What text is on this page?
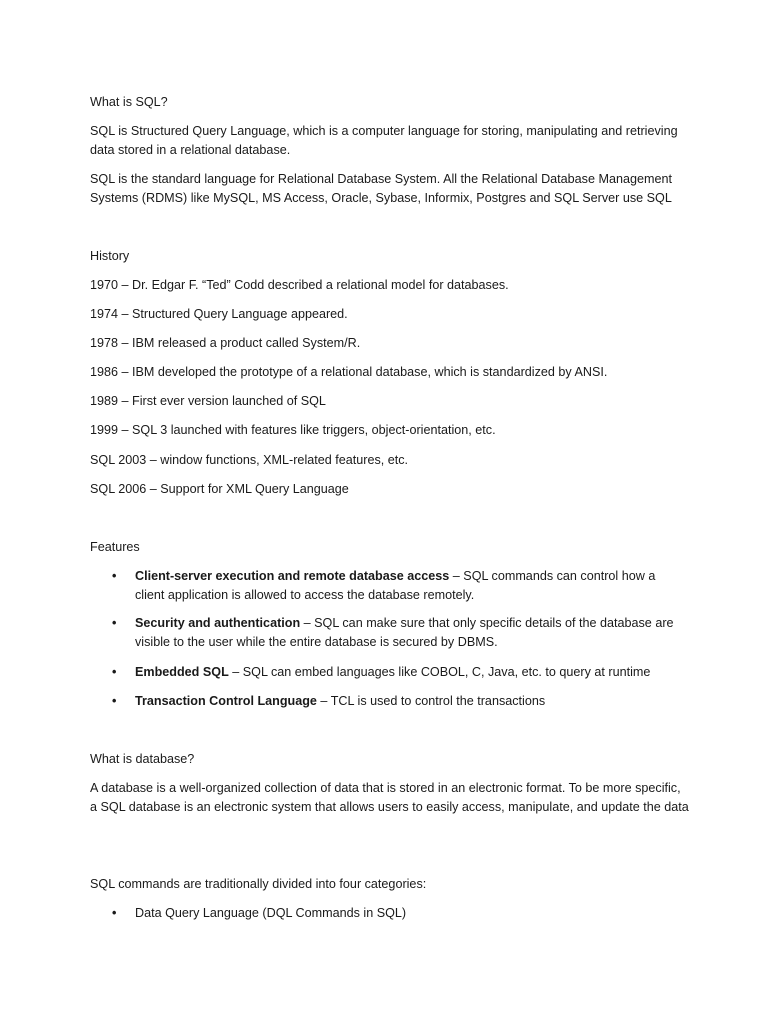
What is SQL?

SQL is Structured Query Language, which is a computer language for storing, manipulating and retrieving data stored in a relational database.

SQL is the standard language for Relational Database System. All the Relational Database Management Systems (RDMS) like MySQL, MS Access, Oracle, Sybase, Informix, Postgres and SQL Server use SQL

History

1970 – Dr. Edgar F. “Ted” Codd described a relational model for databases.

1974 – Structured Query Language appeared.

1978 – IBM released a product called System/R.

1986 – IBM developed the prototype of a relational database, which is standardized by ANSI.

1989 – First ever version launched of SQL

1999 – SQL 3 launched with features like triggers, object-orientation, etc.

SQL 2003 – window functions, XML-related features, etc.

SQL 2006 – Support for XML Query Language

Features

•	Client-server execution and remote database access – SQL commands can control how a client application is allowed to access the database remotely.
•	Security and authentication – SQL can make sure that only specific details of the database are visible to the user while the entire database is secured by DBMS.
•	Embedded SQL – SQL can embed languages like COBOL, C, Java, etc. to query at runtime
•	Transaction Control Language – TCL is used to control the transactions

What is database?

A database is a well-organized collection of data that is stored in an electronic format. To be more specific, a SQL database is an electronic system that allows users to easily access, manipulate, and update the data

SQL commands are traditionally divided into four categories:

•	Data Query Language (DQL Commands in SQL)
